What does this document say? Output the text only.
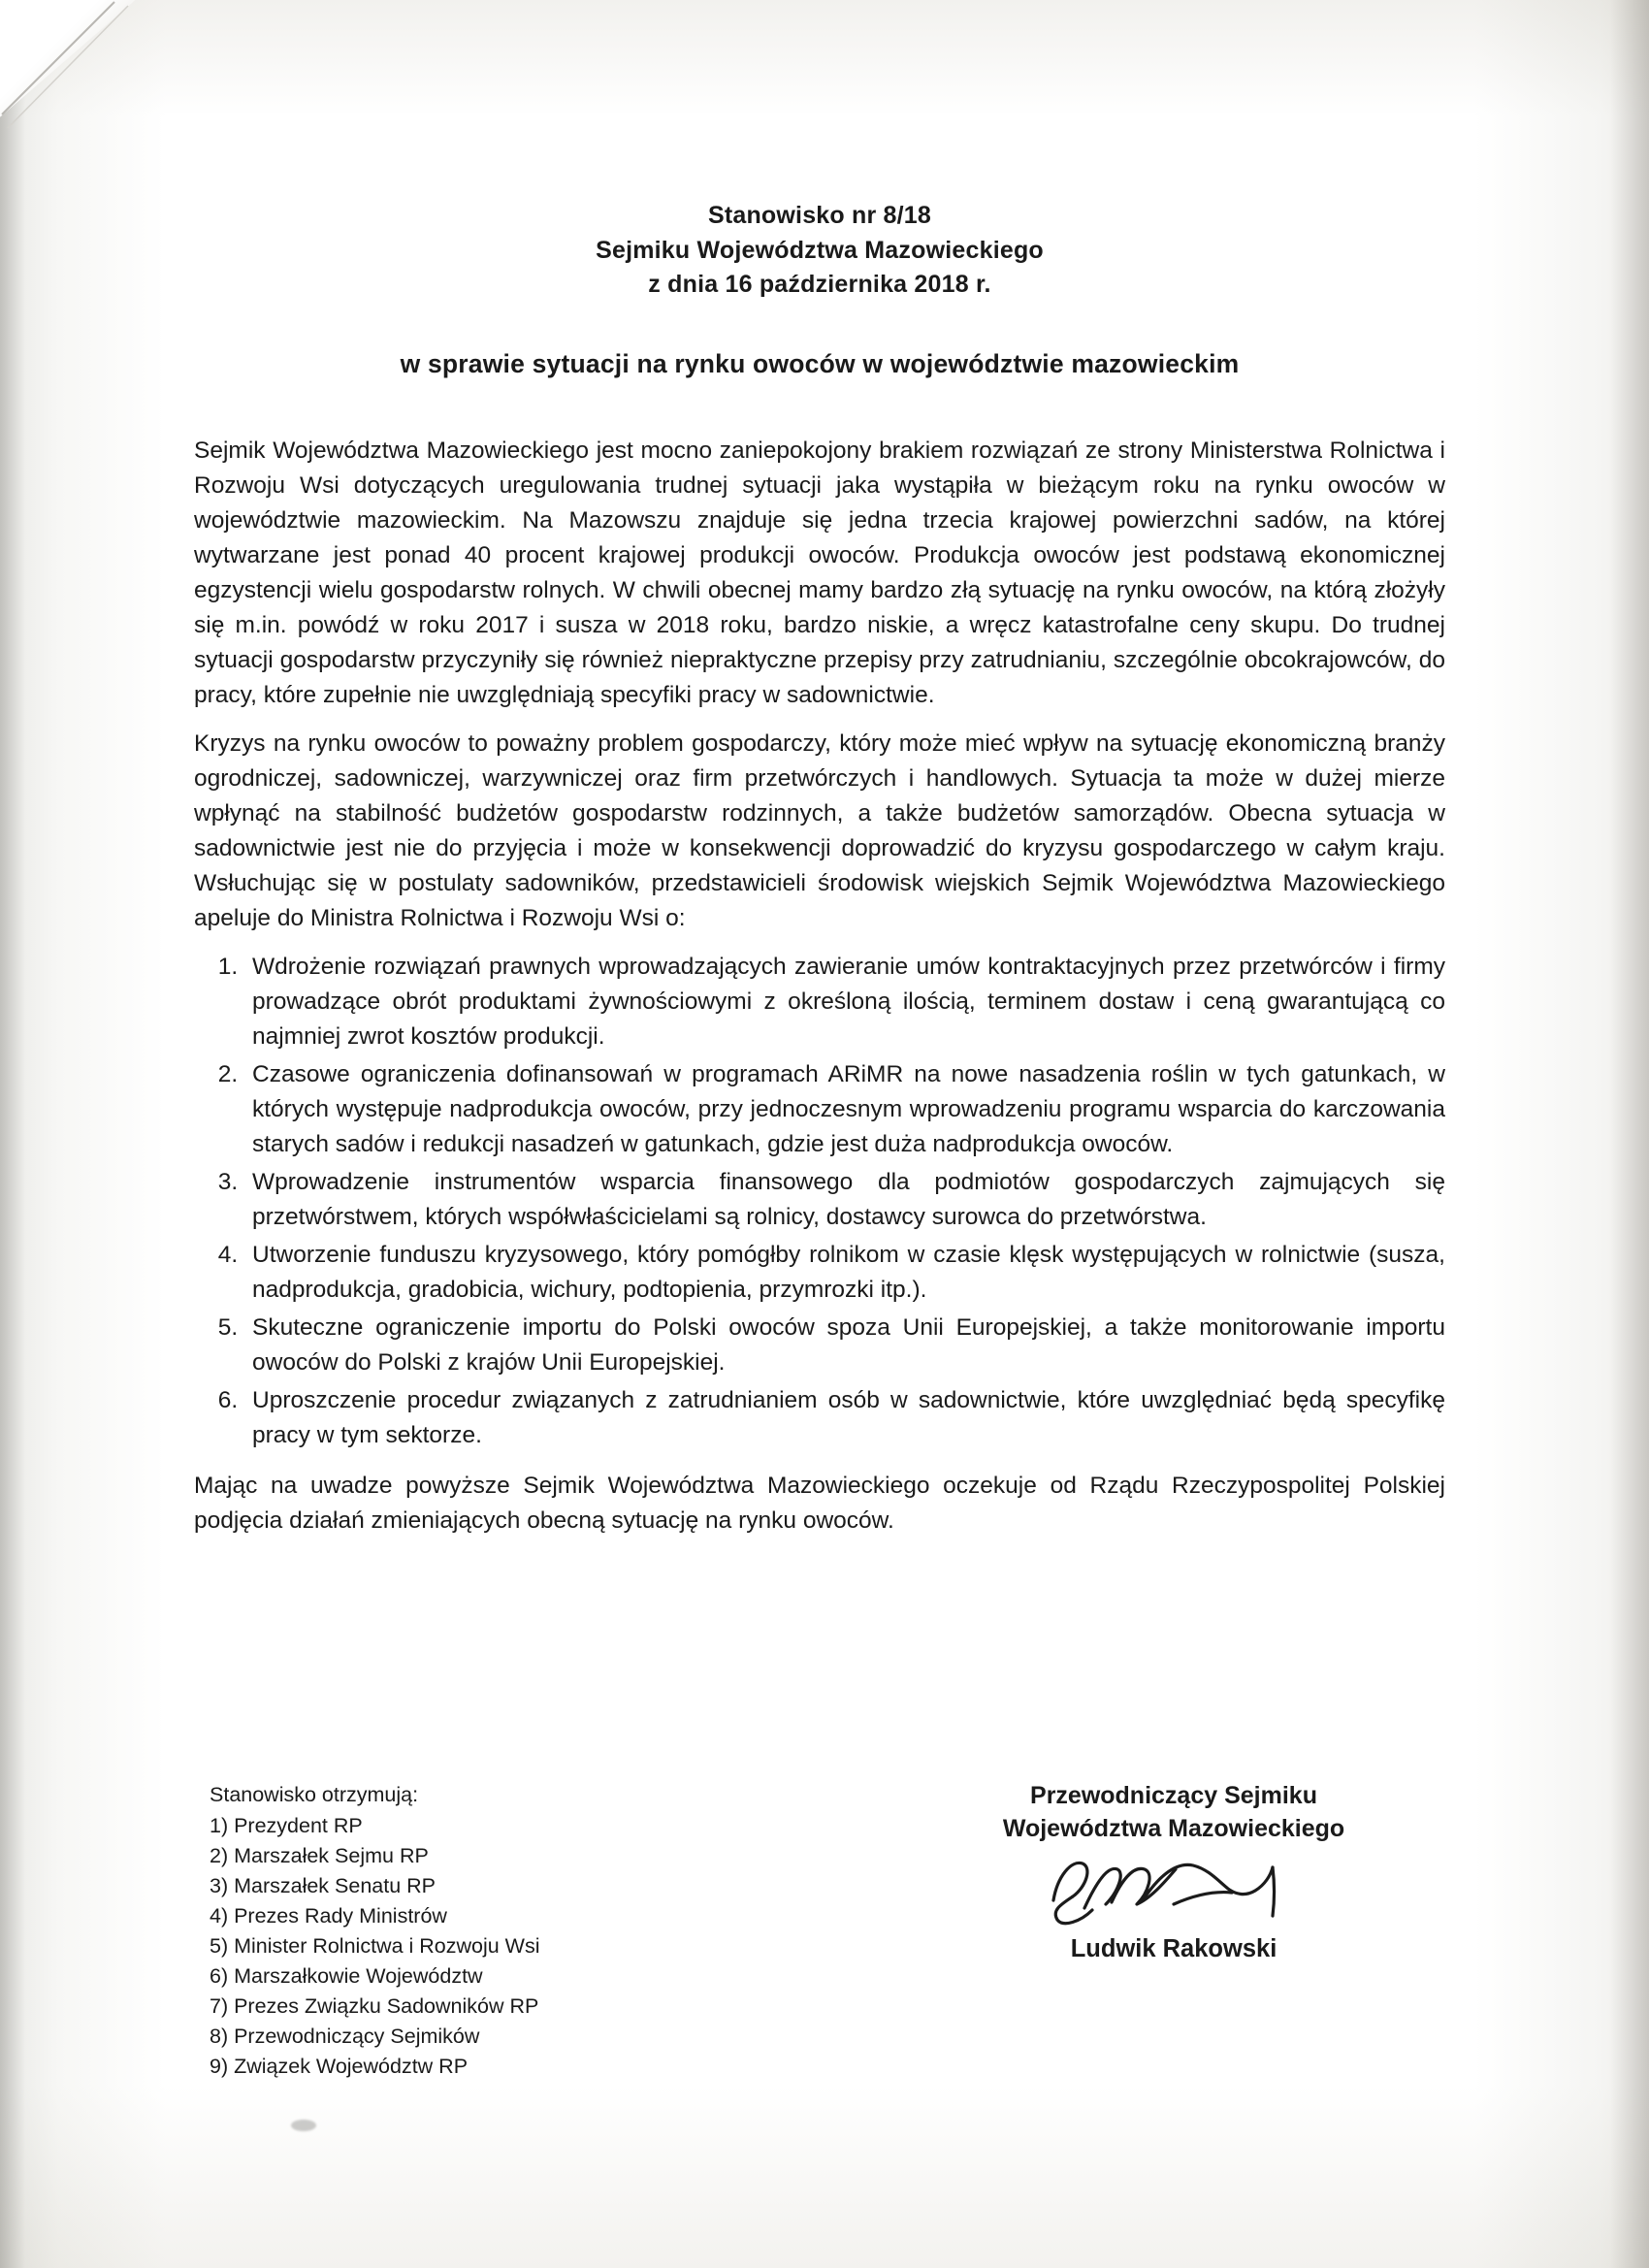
Stanowisko nr 8/18
Sejmiku Województwa Mazowieckiego
z dnia 16 października 2018 r.
w sprawie sytuacji na rynku owoców w województwie mazowieckim

Sejmik Województwa Mazowieckiego jest mocno zaniepokojony brakiem rozwiązań ze strony Ministerstwa Rolnictwa i Rozwoju Wsi dotyczących uregulowania trudnej sytuacji jaka wystąpiła w bieżącym roku na rynku owoców w województwie mazowieckim. Na Mazowszu znajduje się jedna trzecia krajowej powierzchni sadów, na której wytwarzane jest ponad 40 procent krajowej produkcji owoców. Produkcja owoców jest podstawą ekonomicznej egzystencji wielu gospodarstw rolnych. W chwili obecnej mamy bardzo złą sytuację na rynku owoców, na którą złożyły się m.in. powódź w roku 2017 i susza w 2018 roku, bardzo niskie, a wręcz katastrofalne ceny skupu. Do trudnej sytuacji gospodarstw przyczyniły się również niepraktyczne przepisy przy zatrudnianiu, szczególnie obcokrajowców, do pracy, które zupełnie nie uwzględniają specyfiki pracy w sadownictwie.

Kryzys na rynku owoców to poważny problem gospodarczy, który może mieć wpływ na sytuację ekonomiczną branży ogrodniczej, sadowniczej, warzywniczej oraz firm przetwórczych i handlowych. Sytuacja ta może w dużej mierze wpłynąć na stabilność budżetów gospodarstw rodzinnych, a także budżetów samorządów. Obecna sytuacja w sadownictwie jest nie do przyjęcia i może w konsekwencji doprowadzić do kryzysu gospodarczego w całym kraju. Wsłuchując się w postulaty sadowników, przedstawicieli środowisk wiejskich Sejmik Województwa Mazowieckiego apeluje do Ministra Rolnictwa i Rozwoju Wsi o:

1. Wdrożenie rozwiązań prawnych wprowadzających zawieranie umów kontraktacyjnych przez przetwórców i firmy prowadzące obrót produktami żywnościowymi z określoną ilością, terminem dostaw i ceną gwarantującą co najmniej zwrot kosztów produkcji.
2. Czasowe ograniczenia dofinansowań w programach ARiMR na nowe nasadzenia roślin w tych gatunkach, w których występuje nadprodukcja owoców, przy jednoczesnym wprowadzeniu programu wsparcia do karczowania starych sadów i redukcji nasadzeń w gatunkach, gdzie jest duża nadprodukcja owoców.
3. Wprowadzenie instrumentów wsparcia finansowego dla podmiotów gospodarczych zajmujących się przetwórstwem, których współwłaścicielami są rolnicy, dostawcy surowca do przetwórstwa.
4. Utworzenie funduszu kryzysowego, który pomógłby rolnikom w czasie klęsk występujących w rolnictwie (susza, nadprodukcja, gradobicia, wichury, podtopienia, przymrozki itp.).
5. Skuteczne ograniczenie importu do Polski owoców spoza Unii Europejskiej, a także monitorowanie importu owoców do Polski z krajów Unii Europejskiej.
6. Uproszczenie procedur związanych z zatrudnianiem osób w sadownictwie, które uwzględniać będą specyfikę pracy w tym sektorze.

Mając na uwadze powyższe Sejmik Województwa Mazowieckiego oczekuje od Rządu Rzeczypospolitej Polskiej podjęcia działań zmieniających obecną sytuację na rynku owoców.

Stanowisko otrzymują:
1) Prezydent RP
2) Marszałek Sejmu RP
3) Marszałek Senatu RP
4) Prezes Rady Ministrów
5) Minister Rolnictwa i Rozwoju Wsi
6) Marszałkowie Województw
7) Prezes Związku Sadowników RP
8) Przewodniczący Sejmików
9) Związek Województw RP
Przewodniczący Sejmiku
Województwa Mazowieckiego
Ludwik Rakowski
